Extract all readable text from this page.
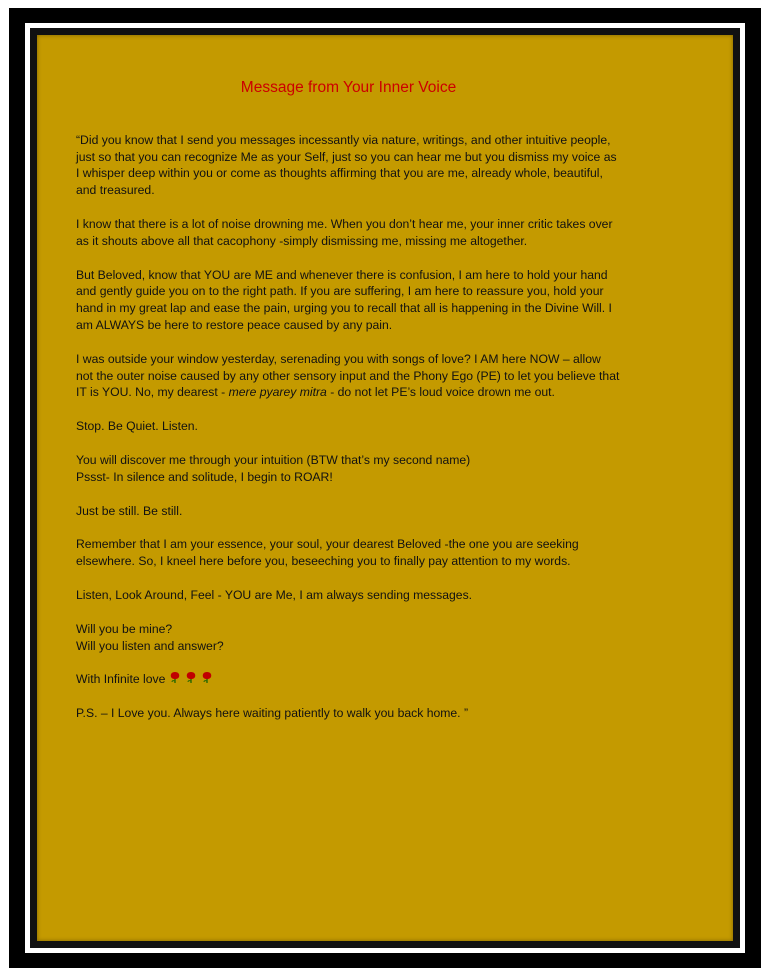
Message from Your Inner Voice

“Did you know that I send you messages incessantly via nature, writings, and other intuitive people, just so that you can recognize Me as your Self, just so you can hear me but you dismiss my voice as I whisper deep within you or come as thoughts affirming that you are me, already whole, beautiful, and treasured.

I know that there is a lot of noise drowning me. When you don’t hear me, your inner critic takes over as it shouts above all that cacophony -simply dismissing me, missing me altogether.

But Beloved, know that YOU are ME and whenever there is confusion, I am here to hold your hand and gently guide you on to the right path. If you are suffering, I am here to reassure you, hold your hand in my great lap and ease the pain, urging you to recall that all is happening in the Divine Will. I am ALWAYS be here to restore peace caused by any pain.

I was outside your window yesterday, serenading you with songs of love? I AM here NOW – allow not the outer noise caused by any other sensory input and the Phony Ego (PE) to let you believe that IT is YOU. No, my dearest - mere pyarey mitra - do not let PE’s loud voice drown me out.

Stop. Be Quiet. Listen.

You will discover me through your intuition (BTW that’s my second name)
Pssst- In silence and solitude, I begin to ROAR!

Just be still. Be still.

Remember that I am your essence, your soul, your dearest Beloved -the one you are seeking elsewhere. So, I kneel here before you, beseeching you to finally pay attention to my words.

Listen, Look Around, Feel - YOU are Me, I am always sending messages.

Will you be mine?
Will you listen and answer?

With Infinite love

P.S. – I Love you. Always here waiting patiently to walk you back home. ”
